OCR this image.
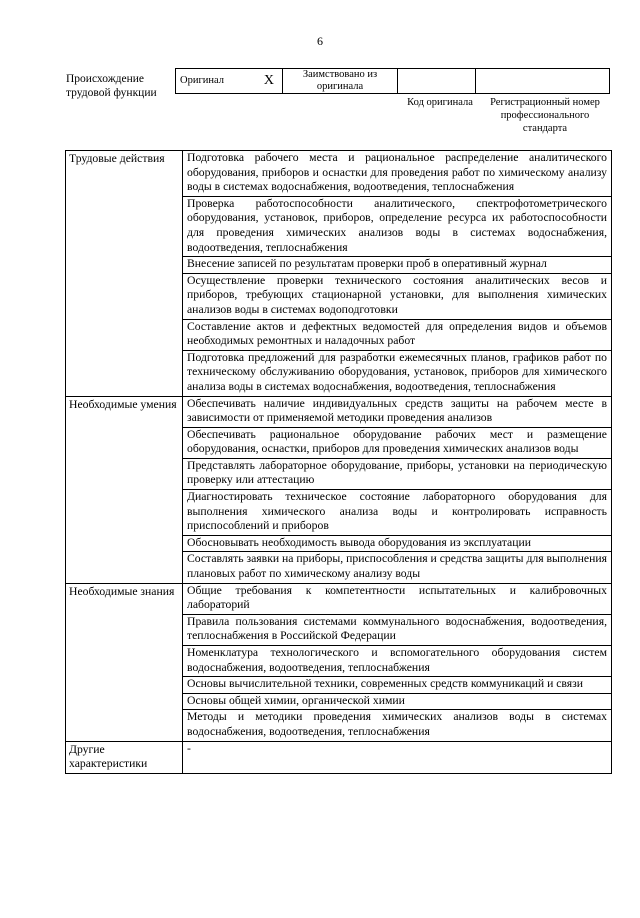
6
Происхождение трудовой функции
Оригинал	X	Заимствовано из оригинала		
Код оригинала	Регистрационный номер профессионального стандарта
Трудовые действия	Подготовка рабочего места и рациональное распределение аналитического оборудования, приборов и оснастки для проведения работ по химическому анализу воды в системах водоснабжения, водоотведения, теплоснабжения
	Проверка работоспособности аналитического, спектрофотометрического оборудования, установок, приборов, определение ресурса их работоспособности для проведения химических анализов воды в системах водоснабжения, водоотведения, теплоснабжения
	Внесение записей по результатам проверки проб в оперативный журнал
	Осуществление проверки технического состояния аналитических весов и приборов, требующих стационарной установки, для выполнения химических анализов воды в системах водоподготовки
	Составление актов и дефектных ведомостей для определения видов и объемов необходимых ремонтных и наладочных работ
	Подготовка предложений для разработки ежемесячных планов, графиков работ по техническому обслуживанию оборудования, установок, приборов для химического анализа воды в системах водоснабжения, водоотведения, теплоснабжения
Необходимые умения	Обеспечивать наличие индивидуальных средств защиты на рабочем месте в зависимости от применяемой методики проведения анализов
	Обеспечивать рациональное оборудование рабочих мест и размещение оборудования, оснастки, приборов для проведения химических анализов воды
	Представлять лабораторное оборудование, приборы, установки на периодическую проверку или аттестацию
	Диагностировать техническое состояние лабораторного оборудования для выполнения химического анализа воды и контролировать исправность приспособлений и приборов
	Обосновывать необходимость вывода оборудования из эксплуатации
	Составлять заявки на приборы, приспособления и средства защиты для выполнения плановых работ по химическому анализу воды
Необходимые знания	Общие требования к компетентности испытательных и калибровочных лабораторий
	Правила пользования системами коммунального водоснабжения, водоотведения, теплоснабжения в Российской Федерации
	Номенклатура технологического и вспомогательного оборудования систем водоснабжения, водоотведения, теплоснабжения
	Основы вычислительной техники, современных средств коммуникаций и связи
	Основы общей химии, органической химии
	Методы и методики проведения химических анализов воды в системах водоснабжения, водоотведения, теплоснабжения
Другие характеристики	-
